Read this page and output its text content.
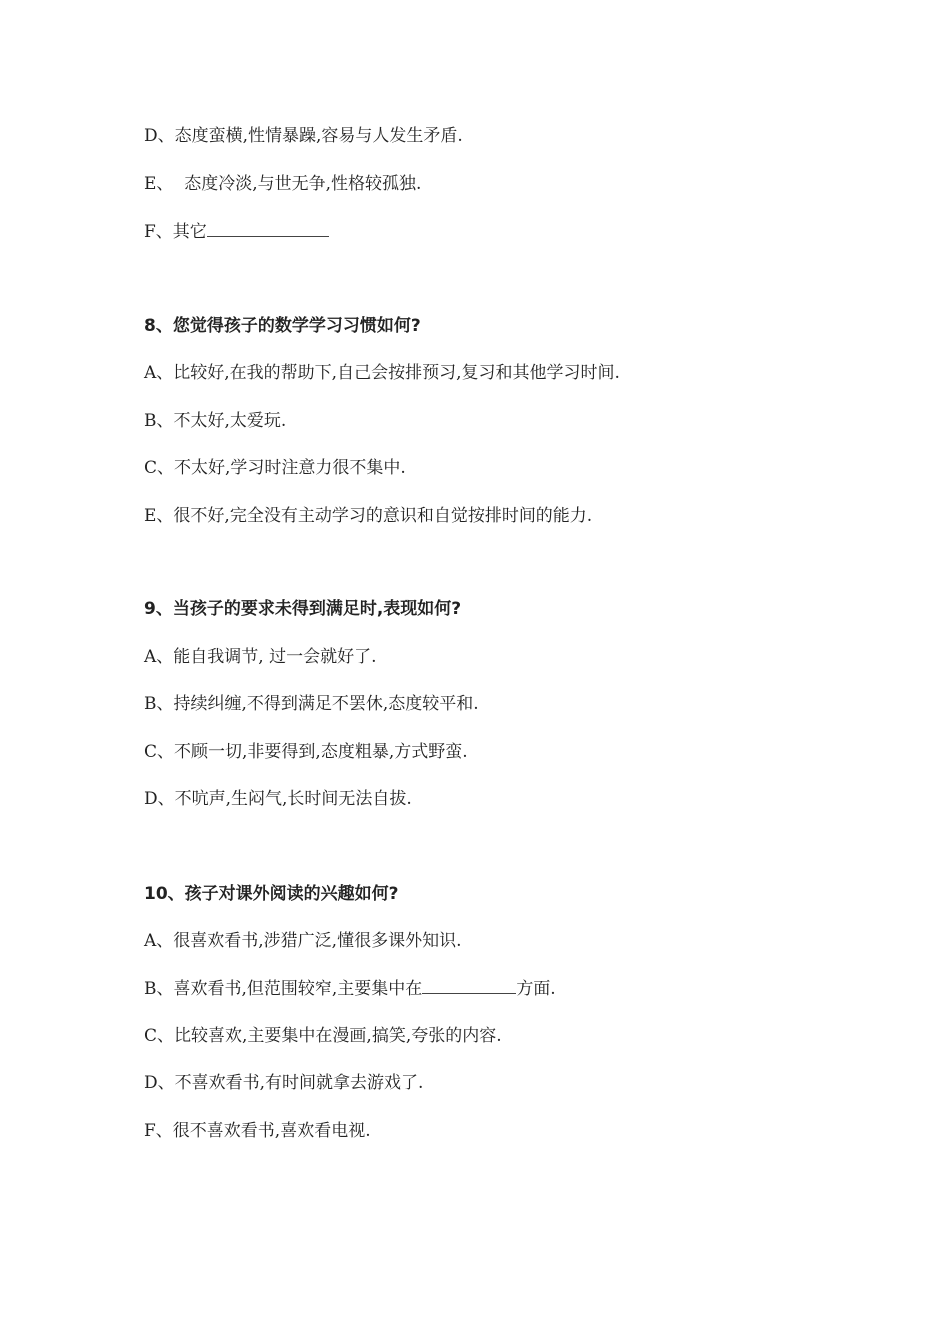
D、态度蛮横,性情暴躁,容易与人发生矛盾.
E、  态度冷淡,与世无争,性格较孤独.
F、其它
8、您觉得孩子的数学学习习惯如何?
A、比较好,在我的帮助下,自己会按排预习,复习和其他学习时间.
B、不太好,太爱玩.
C、不太好,学习时注意力很不集中.
E、很不好,完全没有主动学习的意识和自觉按排时间的能力.
9、当孩子的要求未得到满足时,表现如何?
A、能自我调节, 过一会就好了.
B、持续纠缠,不得到满足不罢休,态度较平和.
C、不顾一切,非要得到,态度粗暴,方式野蛮.
D、不吭声,生闷气,长时间无法自拔.
10、孩子对课外阅读的兴趣如何?
A、很喜欢看书,涉猎广泛,懂很多课外知识.
B、喜欢看书,但范围较窄,主要集中在	方面.
C、比较喜欢,主要集中在漫画,搞笑,夸张的内容.
D、不喜欢看书,有时间就拿去游戏了.
F、很不喜欢看书,喜欢看电视.
